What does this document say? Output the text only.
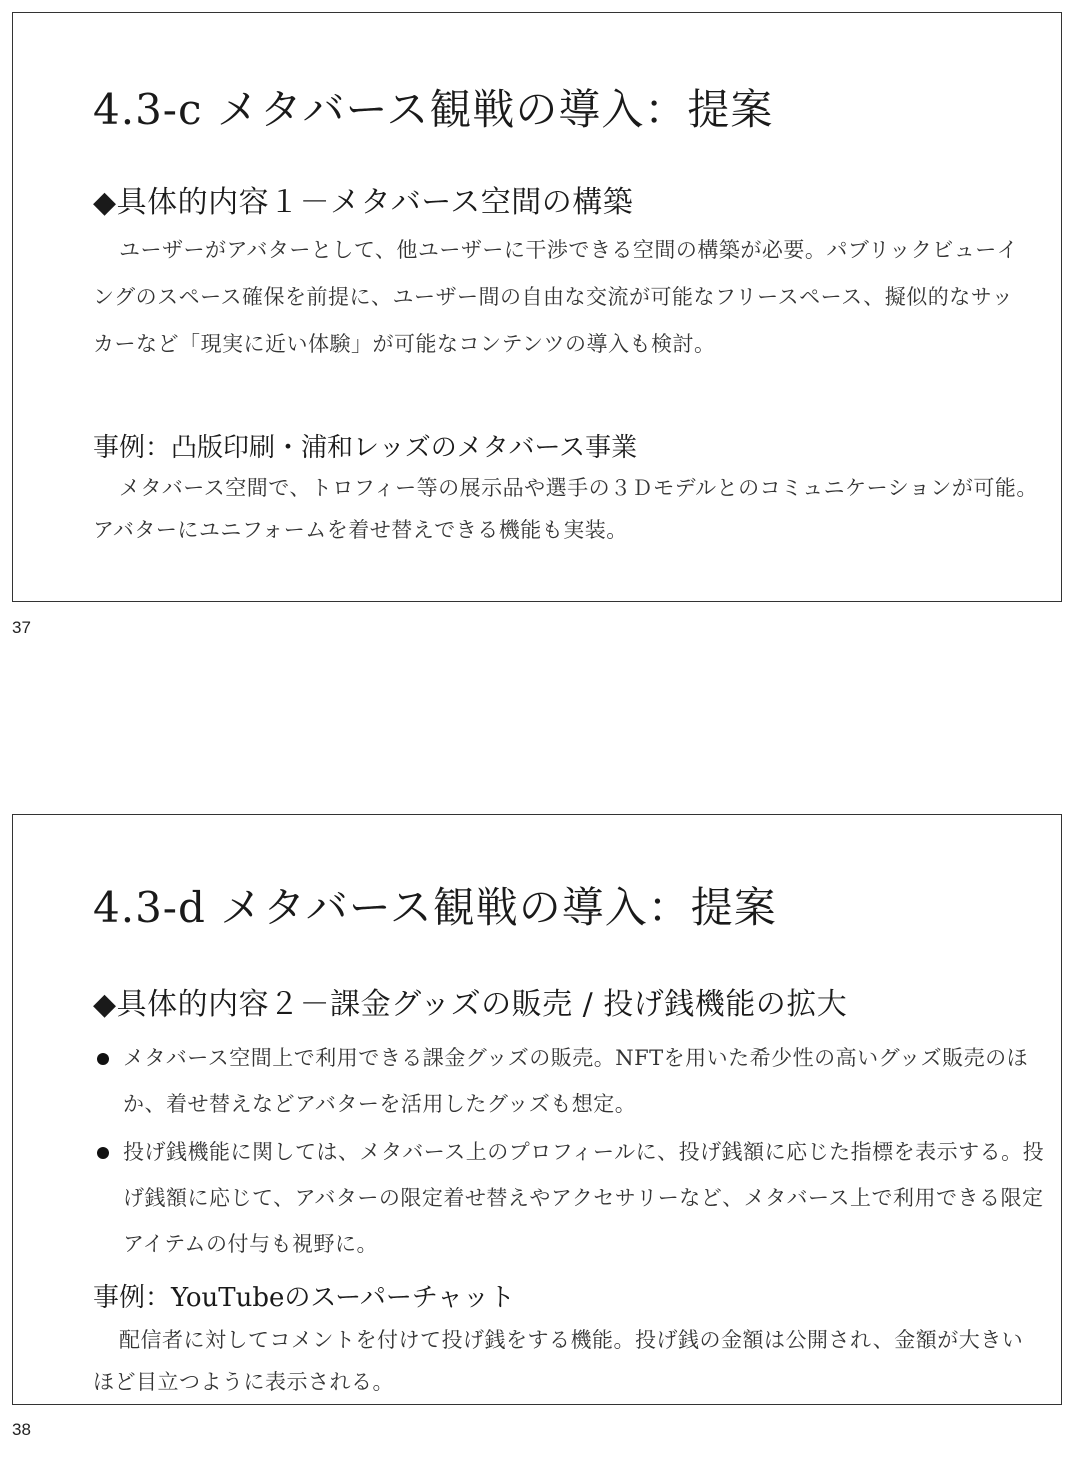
4.3-c メタバース観戦の導入：提案
◆具体的内容１－メタバース空間の構築

ユーザーがアバターとして、他ユーザーに干渉できる空間の構築が必要。パブリックビューイングのスペース確保を前提に、ユーザー間の自由な交流が可能なフリースペース、擬似的なサッカーなど「現実に近い体験」が可能なコンテンツの導入も検討。

事例：凸版印刷・浦和レッズのメタバース事業

メタバース空間で、トロフィー等の展示品や選手の３Ｄモデルとのコミュニケーションが可能。アバターにユニフォームを着せ替えできる機能も実装。

37
4.3-d メタバース観戦の導入：提案
◆具体的内容２－課金グッズの販売 / 投げ銭機能の拡大
メタバース空間上で利用できる課金グッズの販売。NFTを用いた希少性の高いグッズ販売のほか、着せ替えなどアバターを活用したグッズも想定。
投げ銭機能に関しては、メタバース上のプロフィールに、投げ銭額に応じた指標を表示する。投げ銭額に応じて、アバターの限定着せ替えやアクセサリーなど、メタバース上で利用できる限定アイテムの付与も視野に。
事例：YouTubeのスーパーチャット

配信者に対してコメントを付けて投げ銭をする機能。投げ銭の金額は公開され、金額が大きいほど目立つように表示される。

38
